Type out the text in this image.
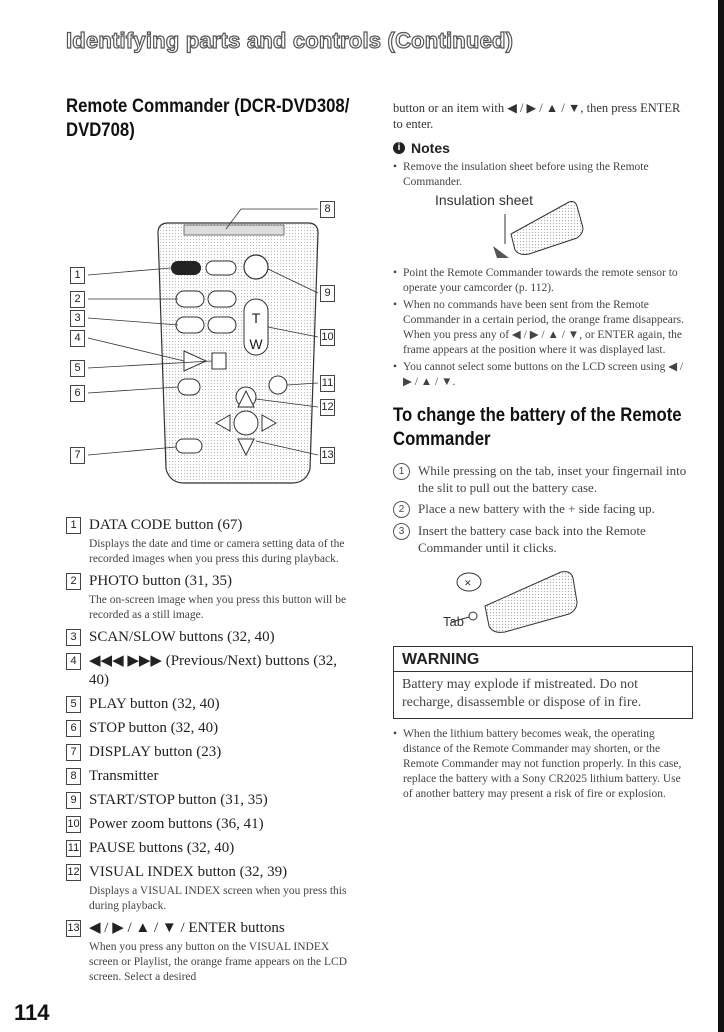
Identifying parts and controls (Continued)
Remote Commander (DCR-DVD308/ DVD708)
T
W
1
2
3
4
5
6
7
8
9
10
11
12
13
1 DATA CODE button (67)
Displays the date and time or camera setting data of the recorded images when you press this during playback.
2 PHOTO button (31, 35)
The on-screen image when you press this button will be recorded as a still image.
3 SCAN/SLOW buttons (32, 40)
4 ◀◀◀ ▶▶▶ (Previous/Next) buttons (32, 40)
5 PLAY button (32, 40)
6 STOP button (32, 40)
7 DISPLAY button (23)
8 Transmitter
9 START/STOP button (31, 35)
10 Power zoom buttons (36, 41)
11 PAUSE buttons (32, 40)
12 VISUAL INDEX button (32, 39)
Displays a VISUAL INDEX screen when you press this during playback.
13 ◀ / ▶ / ▲ / ▼ / ENTER buttons
When you press any button on the VISUAL INDEX screen or Playlist, the orange frame appears on the LCD screen. Select a desired
button or an item with ◀ / ▶ / ▲ / ▼, then press ENTER to enter.
i Notes
• Remove the insulation sheet before using the Remote Commander.
Insulation sheet
• Point the Remote Commander towards the remote sensor to operate your camcorder (p. 112).
• When no commands have been sent from the Remote Commander in a certain period, the orange frame disappears. When you press any of ◀ / ▶ / ▲ / ▼, or ENTER again, the frame appears at the position where it was displayed last.
• You cannot select some buttons on the LCD screen using ◀ / ▶ / ▲ / ▼.
To change the battery of the Remote Commander
1	While pressing on the tab, inset your fingernail into the slit to pull out the battery case.
2	Place a new battery with the + side facing up.
3	Insert the battery case back into the Remote Commander until it clicks.
✕
Tab
WARNING
Battery may explode if mistreated. Do not recharge, disassemble or dispose of in fire.
• When the lithium battery becomes weak, the operating distance of the Remote Commander may shorten, or the Remote Commander may not function properly. In this case, replace the battery with a Sony CR2025 lithium battery. Use of another battery may present a risk of fire or explosion.
114
